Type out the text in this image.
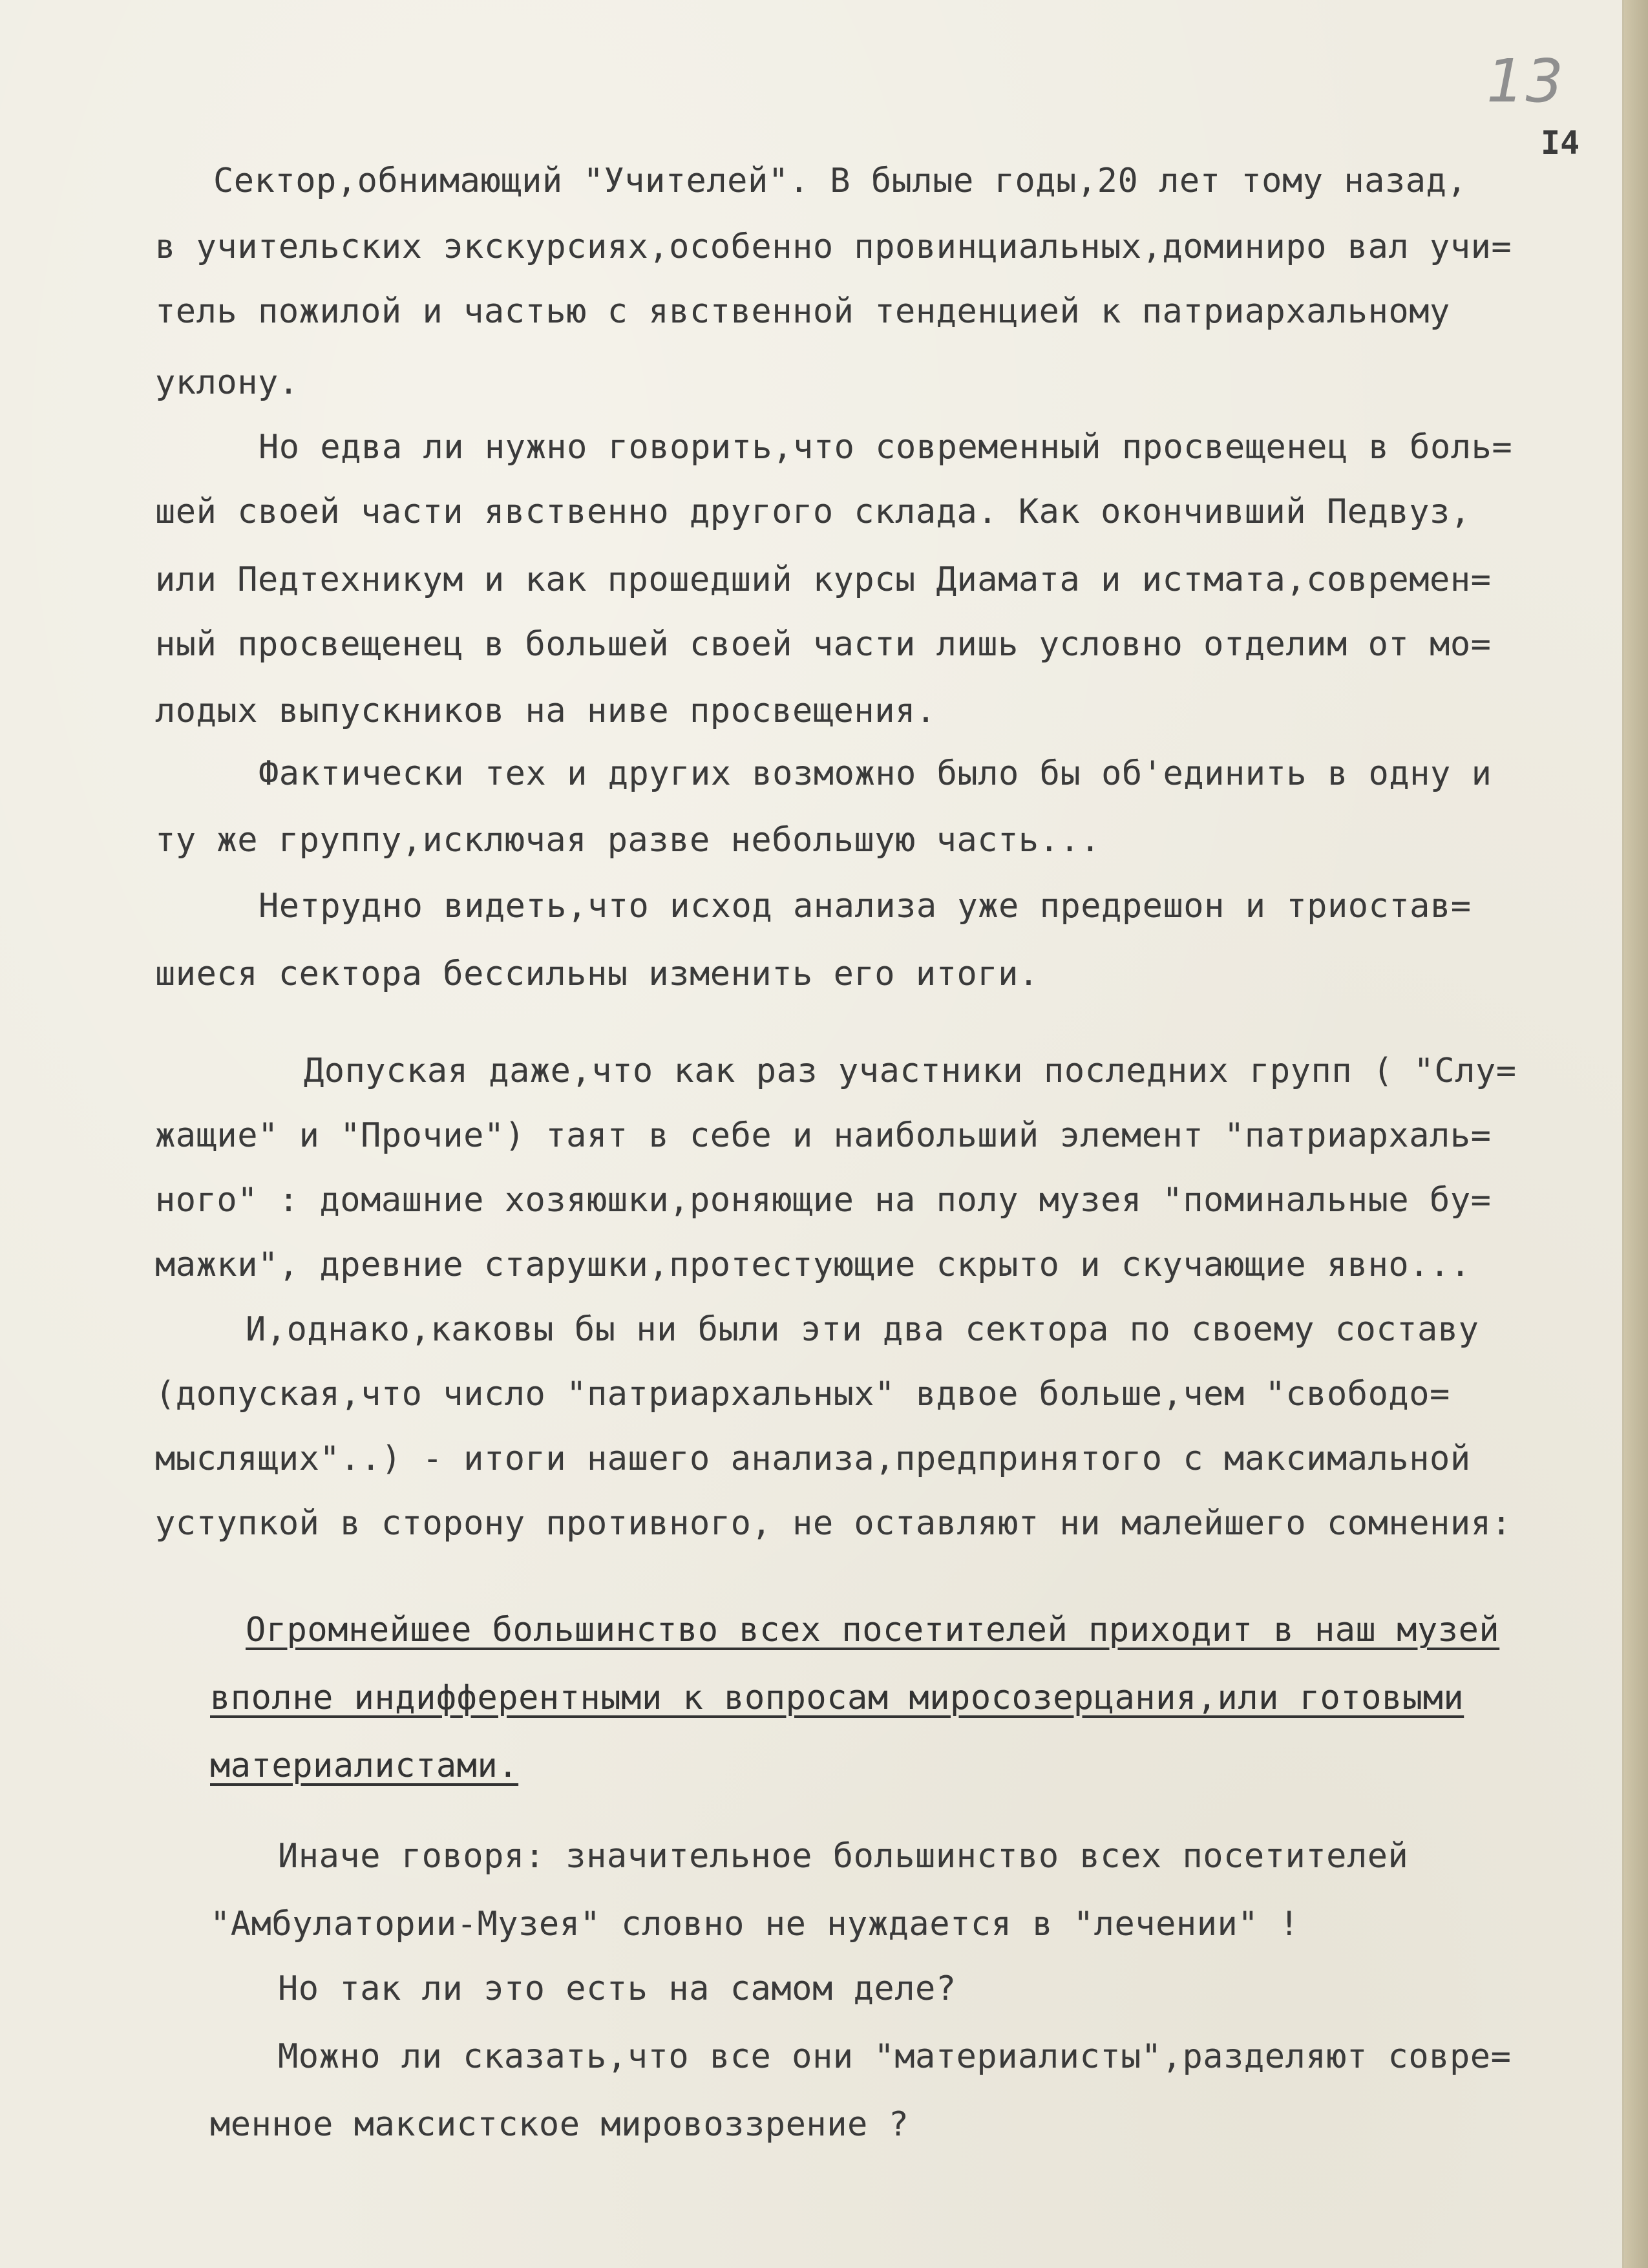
13
I4

Сектор,обнимающий "Учителей". В былые годы,20 лет тому назад,

в учительских экскурсиях,особенно провинциальных,доминиро вал учи=

тель пожилой и частью с явственной тенденцией к патриархальному

уклону.

Но едва ли нужно говорить,что современный просвещенец в боль=

шей своей части явственно другого склада. Как окончивший Педвуз,

или Педтехникум и как прошедший курсы Диамата и истмата,современ=

ный просвещенец в большей своей части лишь условно отделим от мо=

лодых выпускников на ниве просвещения.

Фактически тех и других возможно было бы об'единить в одну и

ту же группу,исключая разве небольшую часть...

Нетрудно видеть,что исход анализа уже предрешон и триостав=

шиеся сектора бессильны изменить его итоги.

Допуская даже,что как раз участники последних групп ( "Слу=

жащие" и "Прочие") таят в себе и наибольший элемент "патриархаль=

ного" : домашние хозяюшки,роняющие на полу музея "поминальные бу=

мажки", древние старушки,протестующие скрыто и скучающие явно...

И,однако,каковы бы ни были эти два сектора по своему составу

(допуская,что число "патриархальных" вдвое больше,чем "свободо=

мыслящих"..) - итоги нашего анализа,предпринятого с максимальной

уступкой в сторону противного, не оставляют ни малейшего сомнения:

Огромнейшее большинство всех посетителей приходит в наш музей

вполне индифферентными к вопросам миросозерцания,или готовыми

материалистами.

Иначе говоря: значительное большинство всех посетителей

"Амбулатории-Музея" словно не нуждается в "лечении" !

Но так ли это есть на самом деле?

Можно ли сказать,что все они "материалисты",разделяют совре=

менное максистское мировоззрение ?
